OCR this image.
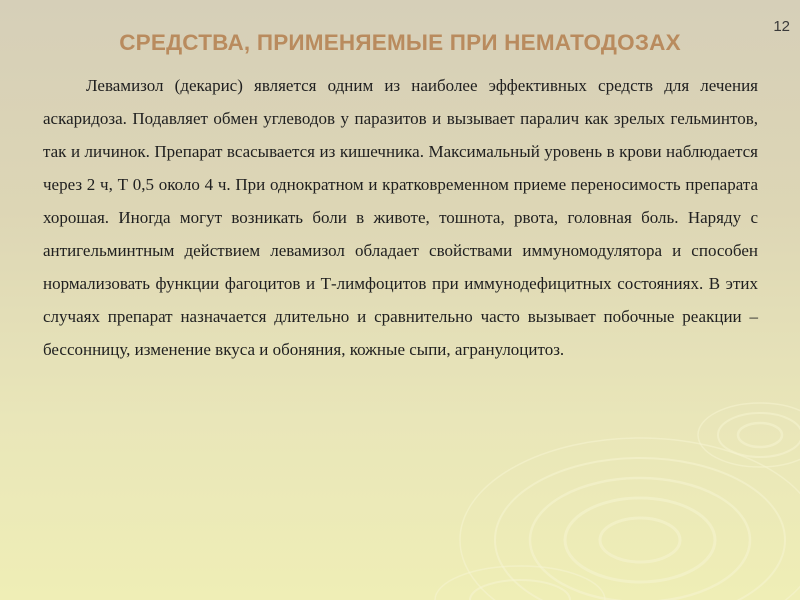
12
СРЕДСТВА, ПРИМЕНЯЕМЫЕ ПРИ НЕМАТОДОЗАХ

Левамизол (декарис) является одним из наиболее эффективных средств для лечения аскаридоза. Подавляет обмен углеводов у паразитов и вызывает паралич как зрелых гельминтов, так и личинок. Препарат всасывается из кишечника. Максимальный уровень в крови наблюдается через 2 ч, Т 0,5 около 4 ч. При однократном и кратковременном приеме переносимость препарата хорошая. Иногда могут возникать боли в животе, тошнота, рвота, головная боль. Наряду с антигельминтным действием левамизол обладает свойствами иммуномодулятора и способен нормализовать функции фагоцитов и Т-лимфоцитов при иммунодефицитных состояниях. В этих случаях препарат назначается длительно и сравнительно часто вызывает побочные реакции – бессонницу, изменение вкуса и обоняния, кожные сыпи, агранулоцитоз.
